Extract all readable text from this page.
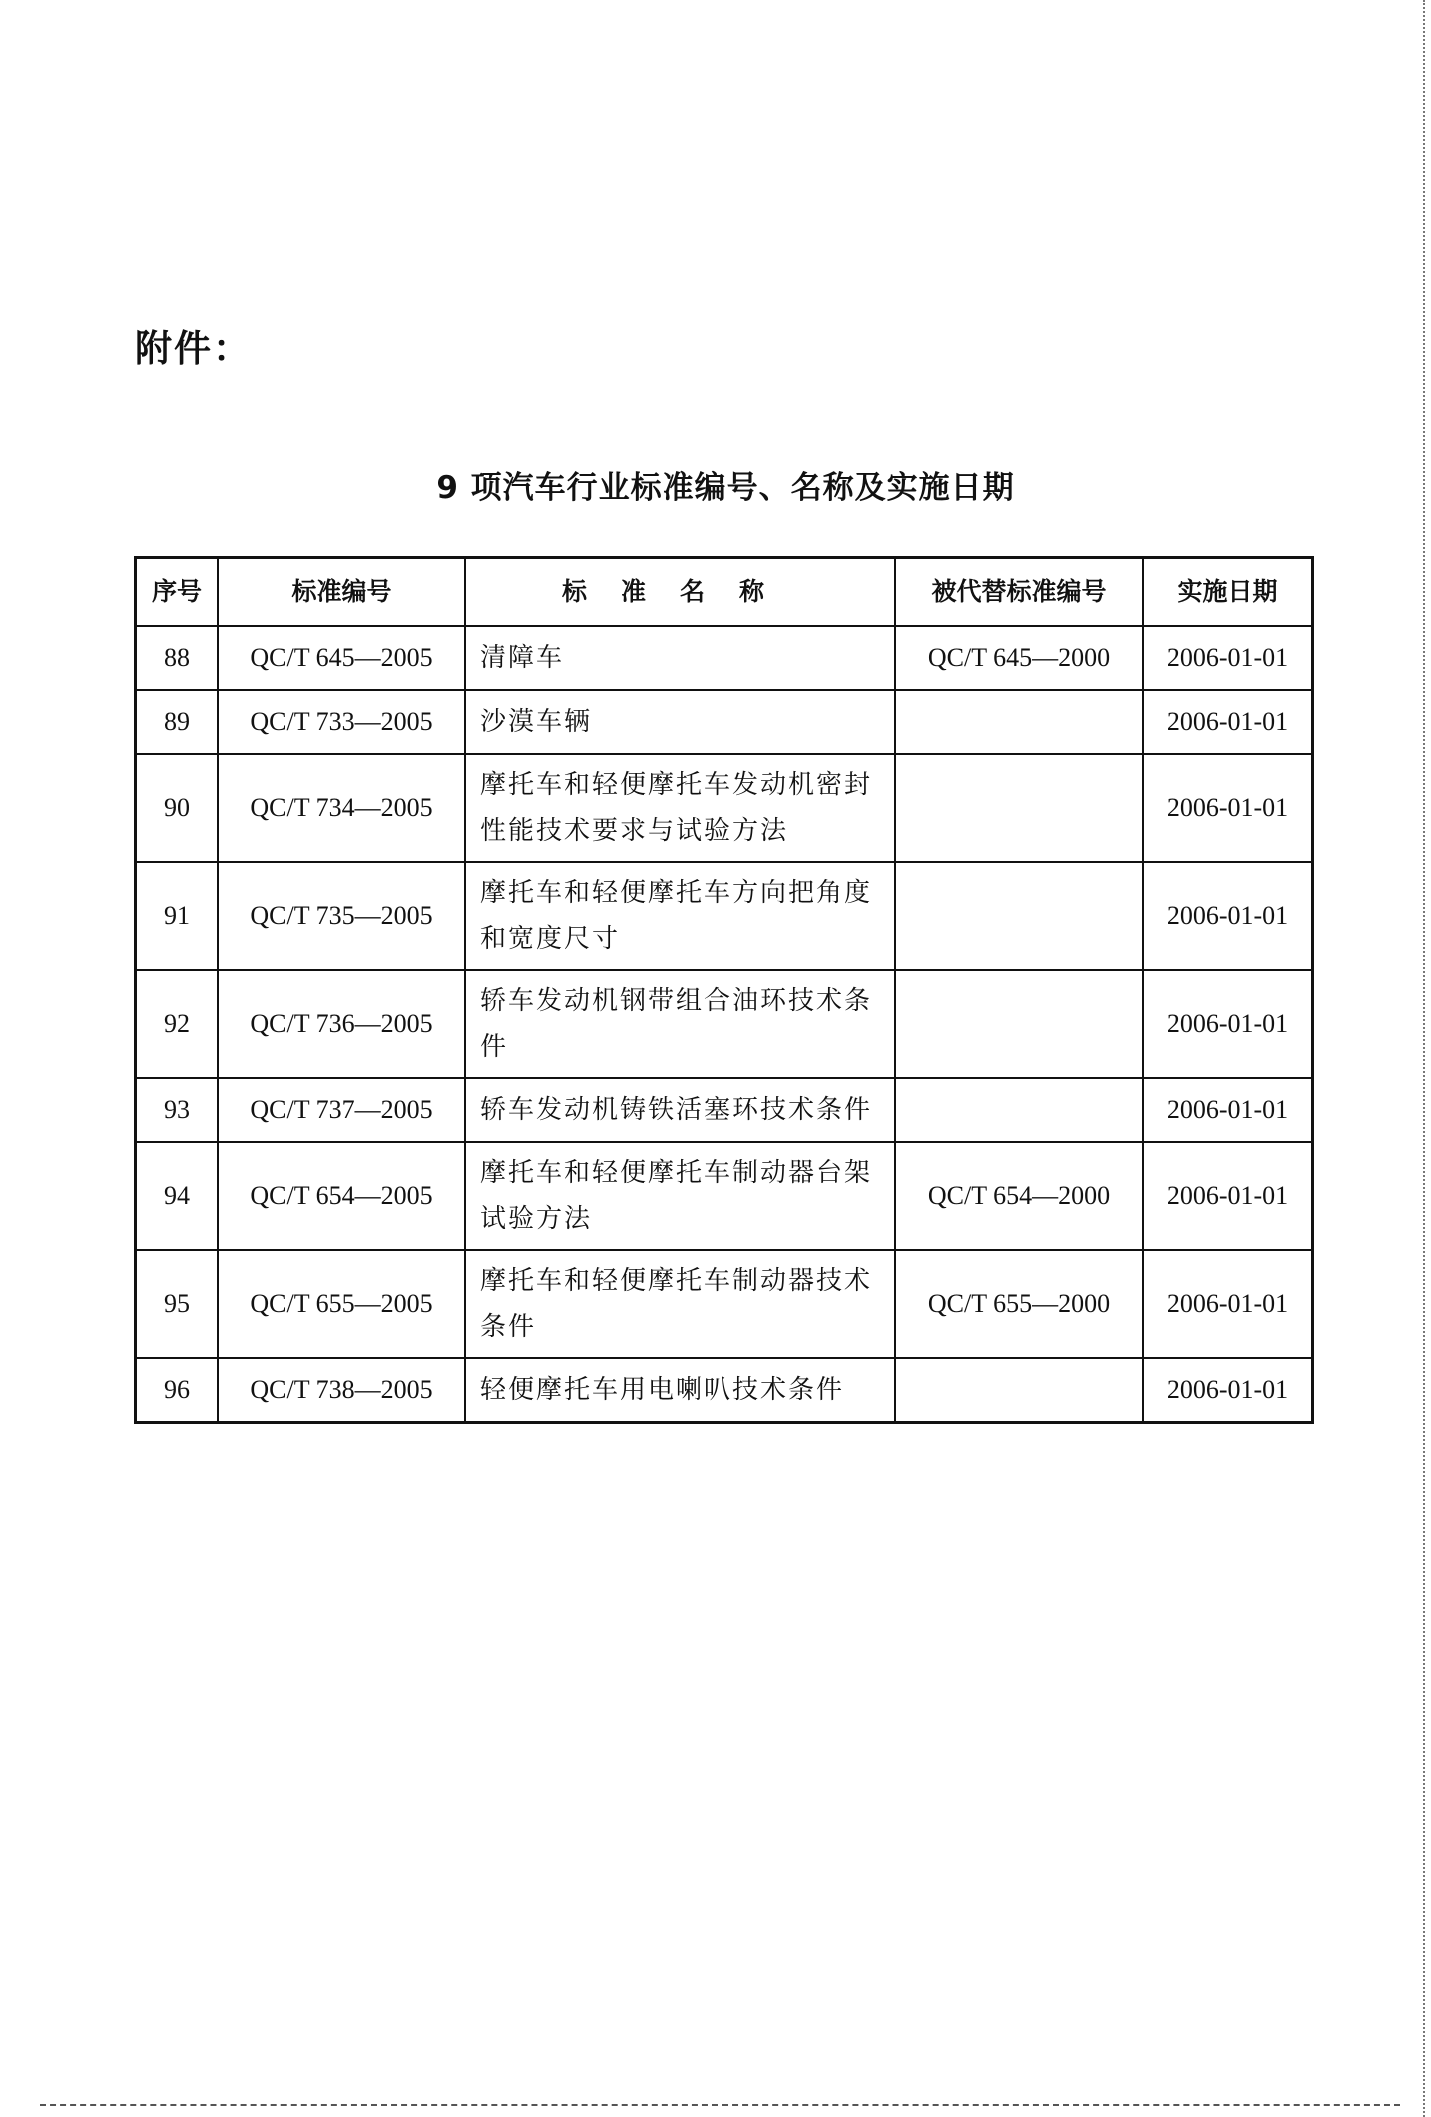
附件：
9 项汽车行业标准编号、名称及实施日期
序号	标准编号	标准名称	被代替标准编号	实施日期
88	QC/T 645—2005	清障车	QC/T 645—2000	2006-01-01
89	QC/T 733—2005	沙漠车辆		2006-01-01
90	QC/T 734—2005	摩托车和轻便摩托车发动机密封性能技术要求与试验方法		2006-01-01
91	QC/T 735—2005	摩托车和轻便摩托车方向把角度和宽度尺寸		2006-01-01
92	QC/T 736—2005	轿车发动机钢带组合油环技术条件		2006-01-01
93	QC/T 737—2005	轿车发动机铸铁活塞环技术条件		2006-01-01
94	QC/T 654—2005	摩托车和轻便摩托车制动器台架试验方法	QC/T 654—2000	2006-01-01
95	QC/T 655—2005	摩托车和轻便摩托车制动器技术条件	QC/T 655—2000	2006-01-01
96	QC/T 738—2005	轻便摩托车用电喇叭技术条件		2006-01-01
